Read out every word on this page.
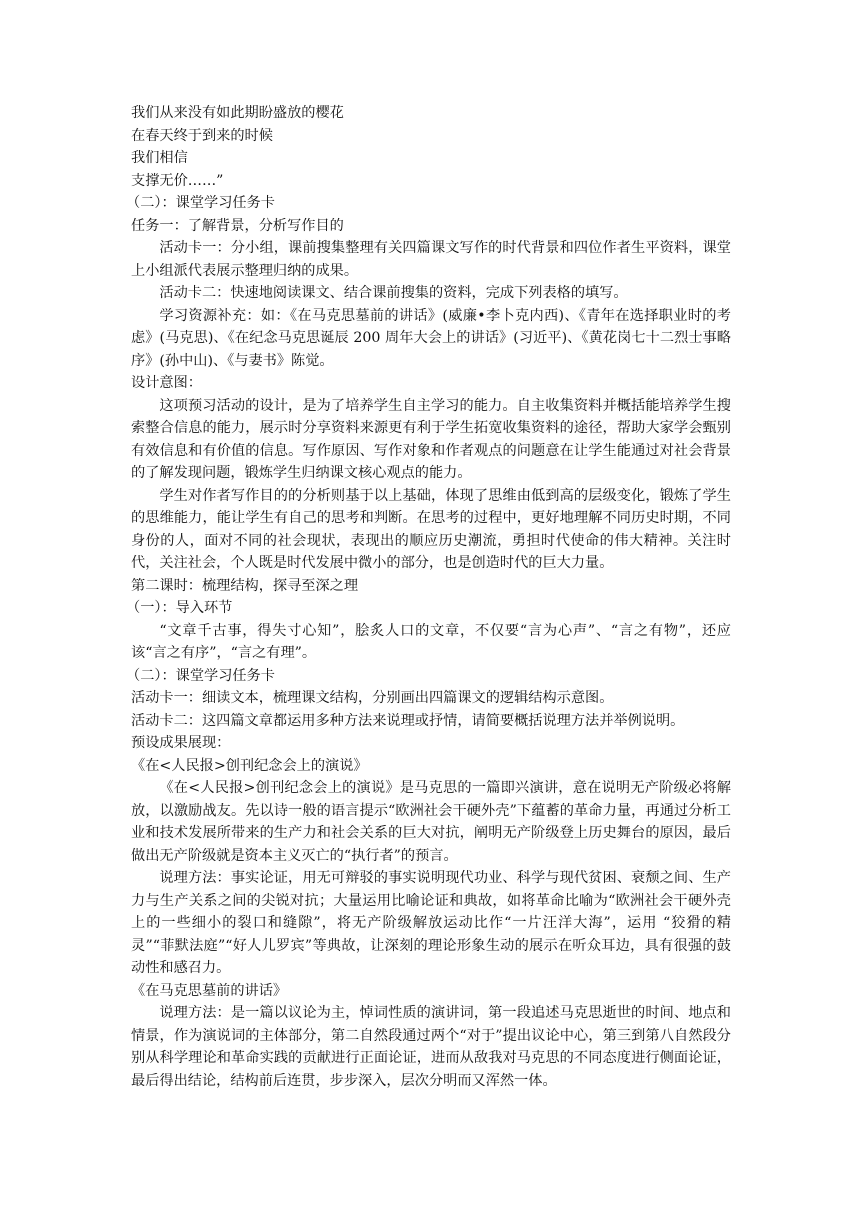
我们从来没有如此期盼盛放的樱花

在春天终于到来的时候

我们相信

支撑无价……”

（二）：课堂学习任务卡

任务一：了解背景，分析写作目的

活动卡一：分小组，课前搜集整理有关四篇课文写作的时代背景和四位作者生平资料，课堂上小组派代表展示整理归纳的成果。

活动卡二：快速地阅读课文、结合课前搜集的资料，完成下列表格的填写。

学习资源补充：如：《在马克思墓前的讲话》(威廉•李卜克内西)、《青年在选择职业时的考虑》(马克思)、《在纪念马克思诞辰 200 周年大会上的讲话》(习近平)、《黄花岗七十二烈士事略序》(孙中山)、《与妻书》陈觉。

设计意图：

这项预习活动的设计，是为了培养学生自主学习的能力。自主收集资料并概括能培养学生搜索整合信息的能力，展示时分享资料来源更有利于学生拓宽收集资料的途径，帮助大家学会甄别有效信息和有价值的信息。写作原因、写作对象和作者观点的问题意在让学生能通过对社会背景的了解发现问题，锻炼学生归纳课文核心观点的能力。

学生对作者写作目的的分析则基于以上基础，体现了思维由低到高的层级变化，锻炼了学生的思维能力，能让学生有自己的思考和判断。在思考的过程中，更好地理解不同历史时期，不同身份的人，面对不同的社会现状，表现出的顺应历史潮流，勇担时代使命的伟大精神。关注时代，关注社会，个人既是时代发展中微小的部分，也是创造时代的巨大力量。

第二课时：梳理结构，探寻至深之理

（一）：导入环节

“文章千古事，得失寸心知”，脍炙人口的文章，不仅要“言为心声”、“言之有物”，还应该“言之有序”，“言之有理”。

（二）：课堂学习任务卡

活动卡一：细读文本，梳理课文结构，分别画出四篇课文的逻辑结构示意图。

活动卡二：这四篇文章都运用多种方法来说理或抒情，请简要概括说理方法并举例说明。

预设成果展现：

《在<人民报>创刊纪念会上的演说》

《在<人民报>创刊纪念会上的演说》是马克思的一篇即兴演讲，意在说明无产阶级必将解放，以激励战友。先以诗一般的语言提示“欧洲社会干硬外壳”下蕴蓄的革命力量，再通过分析工业和技术发展所带来的生产力和社会关系的巨大对抗，阐明无产阶级登上历史舞台的原因，最后做出无产阶级就是资本主义灭亡的“执行者”的预言。

说理方法：事实论证，用无可辩驳的事实说明现代功业、科学与现代贫困、衰颓之间、生产力与生产关系之间的尖锐对抗；大量运用比喻论证和典故，如将革命比喻为“欧洲社会干硬外壳上的一些细小的裂口和缝隙”，将无产阶级解放运动比作“一片汪洋大海”，运用 “狡猾的精灵”“菲默法庭”“好人儿罗宾”等典故，让深刻的理论形象生动的展示在听众耳边，具有很强的鼓动性和感召力。

《在马克思墓前的讲话》

说理方法：是一篇以议论为主，悼词性质的演讲词，第一段追述马克思逝世的时间、地点和情景，作为演说词的主体部分，第二自然段通过两个“对于”提出议论中心，第三到第八自然段分别从科学理论和革命实践的贡献进行正面论证，进而从敌我对马克思的不同态度进行侧面论证，最后得出结论，结构前后连贯，步步深入，层次分明而又浑然一体。
